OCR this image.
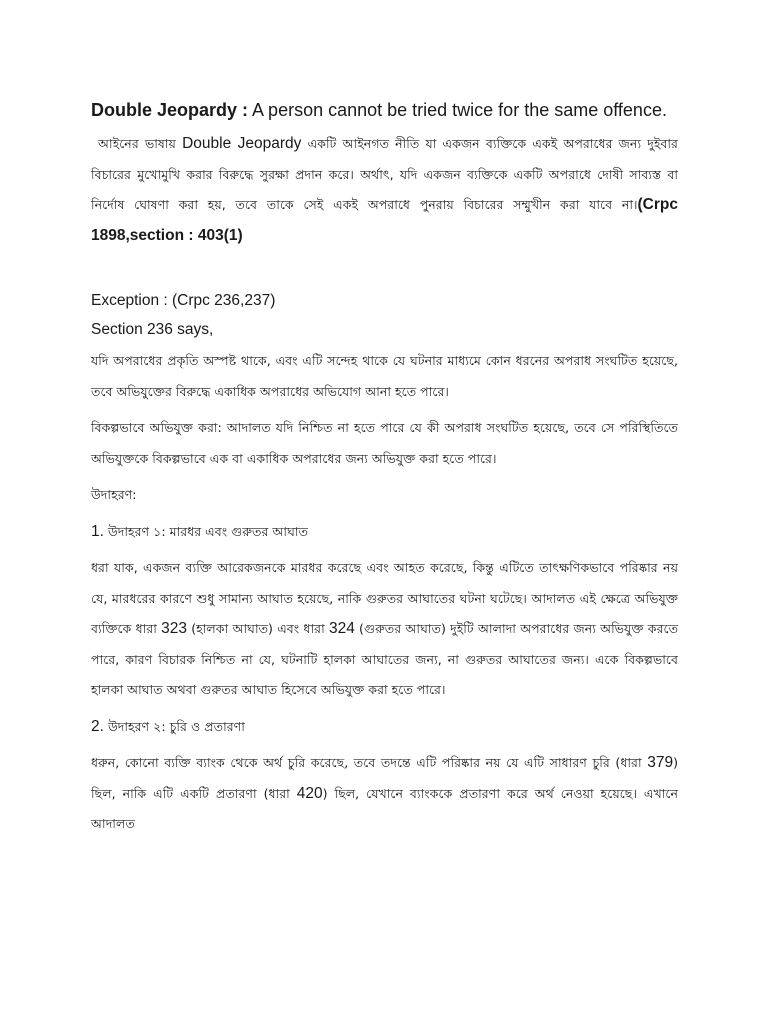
Double Jeopardy : A person cannot be tried twice for the same offence.

আইনের ভাষায় Double Jeopardy একটি আইনগত নীতি যা একজন ব্যক্তিকে একই অপরাধের জন্য দুইবার বিচারের মুখোমুখি করার বিরুদ্ধে সুরক্ষা প্রদান করে। অর্থাৎ, যদি একজন ব্যক্তিকে একটি অপরাধে দোষী সাব্যস্ত বা নির্দোষ ঘোষণা করা হয়, তবে তাকে সেই একই অপরাধে পুনরায় বিচারের সম্মুখীন করা যাবে না।(Crpc 1898,section : 403(1)

Exception : (Crpc 236,237)

Section 236 says,

যদি অপরাধের প্রকৃতি অস্পষ্ট থাকে, এবং এটি সন্দেহ থাকে যে ঘটনার মাধ্যমে কোন ধরনের অপরাধ সংঘটিত হয়েছে, তবে অভিযুক্তের বিরুদ্ধে একাধিক অপরাধের অভিযোগ আনা হতে পারে।

বিকল্পভাবে অভিযুক্ত করা: আদালত যদি নিশ্চিত না হতে পারে যে কী অপরাধ সংঘটিত হয়েছে, তবে সে পরিস্থিতিতে অভিযুক্তকে বিকল্পভাবে এক বা একাধিক অপরাধের জন্য অভিযুক্ত করা হতে পারে।

উদাহরণ:

1. উদাহরণ ১: মারধর এবং গুরুতর আঘাত

ধরা যাক, একজন ব্যক্তি আরেকজনকে মারধর করেছে এবং আহত করেছে, কিন্তু এটিতে তাৎক্ষণিকভাবে পরিষ্কার নয় যে, মারধরের কারণে শুধু সামান্য আঘাত হয়েছে, নাকি গুরুতর আঘাতের ঘটনা ঘটেছে। আদালত এই ক্ষেত্রে অভিযুক্ত ব্যক্তিকে ধারা 323 (হালকা আঘাত) এবং ধারা 324 (গুরুতর আঘাত) দুইটি আলাদা অপরাধের জন্য অভিযুক্ত করতে পারে, কারণ বিচারক নিশ্চিত না যে, ঘটনাটি হালকা আঘাতের জন্য, না গুরুতর আঘাতের জন্য। একে বিকল্পভাবে হালকা আঘাত অথবা গুরুতর আঘাত হিসেবে অভিযুক্ত করা হতে পারে।

2. উদাহরণ ২: চুরি ও প্রতারণা

ধরুন, কোনো ব্যক্তি ব্যাংক থেকে অর্থ চুরি করেছে, তবে তদন্তে এটি পরিষ্কার নয় যে এটি সাধারণ চুরি (ধারা 379) ছিল, নাকি এটি একটি প্রতারণা (ধারা 420) ছিল, যেখানে ব্যাংককে প্রতারণা করে অর্থ নেওয়া হয়েছে। এখানে আদালত
